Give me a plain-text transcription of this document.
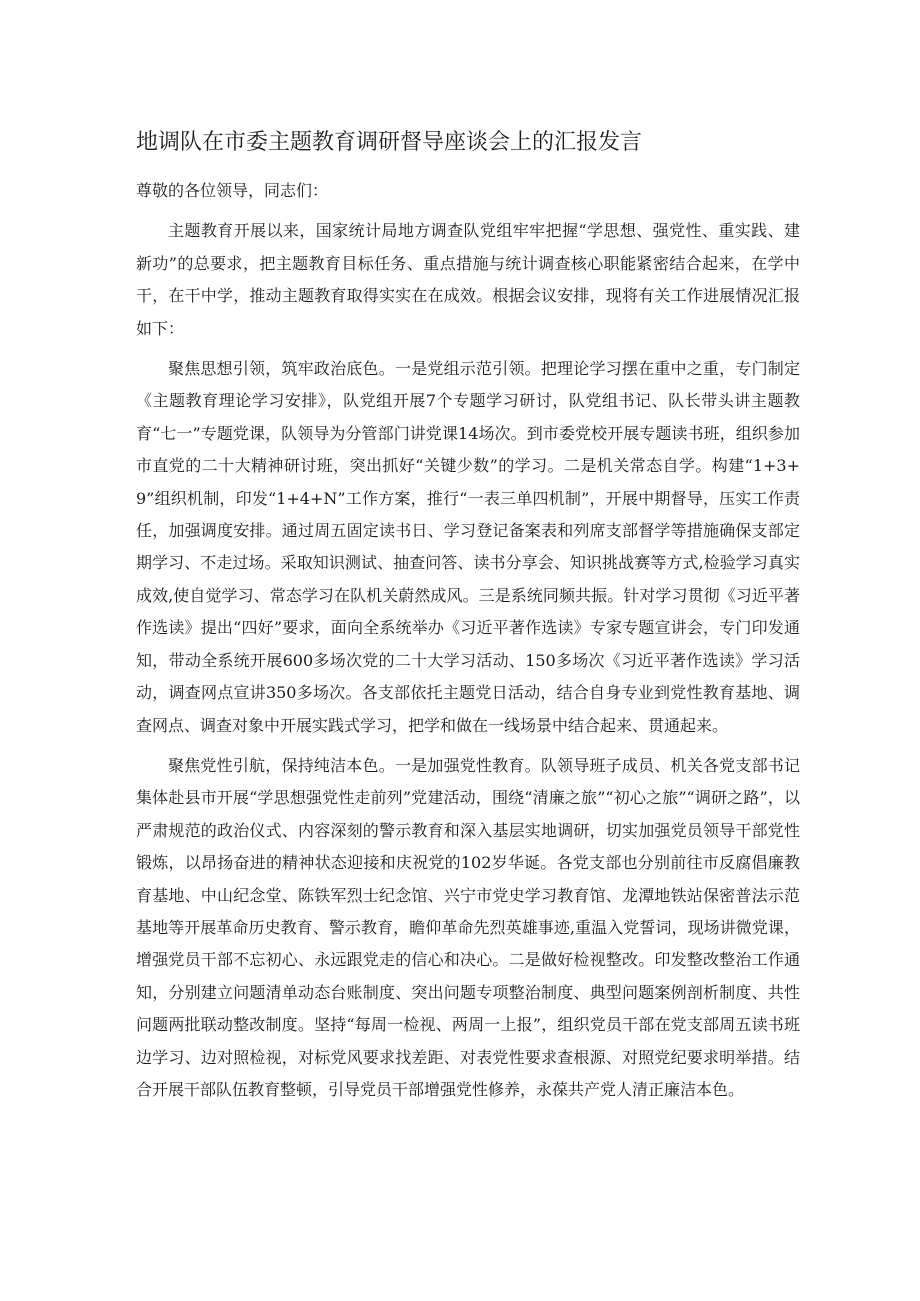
地调队在市委主题教育调研督导座谈会上的汇报发言

尊敬的各位领导，同志们：

主题教育开展以来，国家统计局地方调查队党组牢牢把握“学思想、强党性、重实践、建新功”的总要求，把主题教育目标任务、重点措施与统计调查核心职能紧密结合起来，在学中干，在干中学，推动主题教育取得实实在在成效。根据会议安排，现将有关工作进展情况汇报如下：

聚焦思想引领，筑牢政治底色。一是党组示范引领。把理论学习摆在重中之重，专门制定《主题教育理论学习安排》，队党组开展7个专题学习研讨，队党组书记、队长带头讲主题教育“七一”专题党课，队领导为分管部门讲党课14场次。到市委党校开展专题读书班，组织参加市直党的二十大精神研讨班，突出抓好“关键少数”的学习。二是机关常态自学。构建“1+3+9”组织机制，印发“1+4+N”工作方案，推行“一表三单四机制”，开展中期督导，压实工作责任，加强调度安排。通过周五固定读书日、学习登记备案表和列席支部督学等措施确保支部定期学习、不走过场。采取知识测试、抽查问答、读书分享会、知识挑战赛等方式,检验学习真实成效,使自觉学习、常态学习在队机关蔚然成风。三是系统同频共振。针对学习贯彻《习近平著作选读》提出“四好”要求，面向全系统举办《习近平著作选读》专家专题宣讲会，专门印发通知，带动全系统开展600多场次党的二十大学习活动、150多场次《习近平著作选读》学习活动，调查网点宣讲350多场次。各支部依托主题党日活动，结合自身专业到党性教育基地、调查网点、调查对象中开展实践式学习，把学和做在一线场景中结合起来、贯通起来。

聚焦党性引航，保持纯洁本色。一是加强党性教育。队领导班子成员、机关各党支部书记集体赴县市开展“学思想强党性走前列”党建活动，围绕“清廉之旅”“初心之旅”“调研之路”，以严肃规范的政治仪式、内容深刻的警示教育和深入基层实地调研，切实加强党员领导干部党性锻炼，以昂扬奋进的精神状态迎接和庆祝党的102岁华诞。各党支部也分别前往市反腐倡廉教育基地、中山纪念堂、陈铁军烈士纪念馆、兴宁市党史学习教育馆、龙潭地铁站保密普法示范基地等开展革命历史教育、警示教育，瞻仰革命先烈英雄事迹,重温入党誓词，现场讲微党课，增强党员干部不忘初心、永远跟党走的信心和决心。二是做好检视整改。印发整改整治工作通知，分别建立问题清单动态台账制度、突出问题专项整治制度、典型问题案例剖析制度、共性问题两批联动整改制度。坚持“每周一检视、两周一上报”，组织党员干部在党支部周五读书班边学习、边对照检视，对标党风要求找差距、对表党性要求查根源、对照党纪要求明举措。结合开展干部队伍教育整顿，引导党员干部增强党性修养，永葆共产党人清正廉洁本色。
